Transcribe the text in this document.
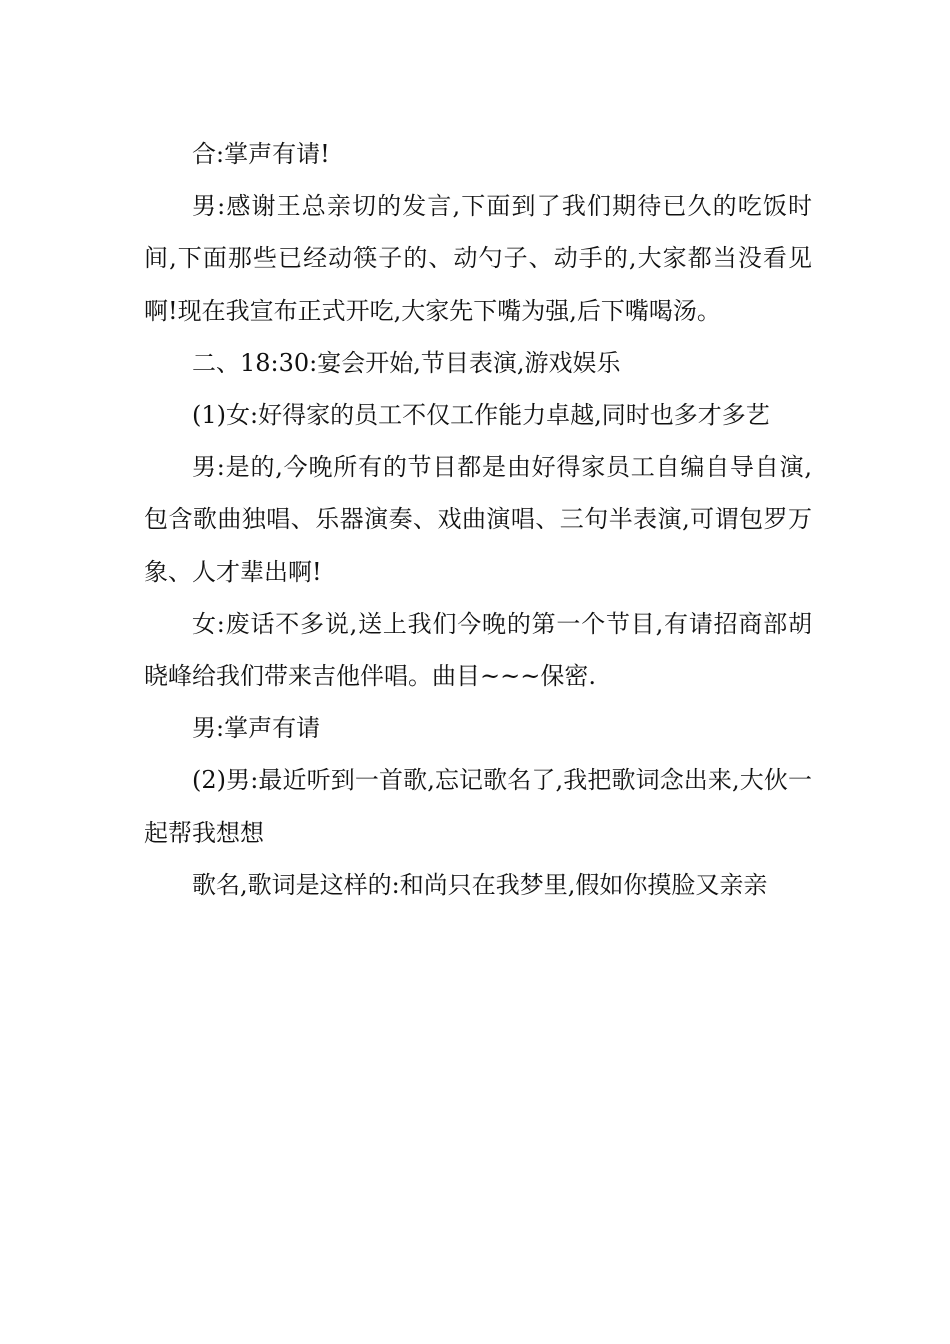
合:掌声有请!

男:感谢王总亲切的发言,下面到了我们期待已久的吃饭时间,下面那些已经动筷子的、动勺子、动手的,大家都当没看见啊!现在我宣布正式开吃,大家先下嘴为强,后下嘴喝汤。

二、18:30:宴会开始,节目表演,游戏娱乐

(1)女:好得家的员工不仅工作能力卓越,同时也多才多艺

男:是的,今晚所有的节目都是由好得家员工自编自导自演,包含歌曲独唱、乐器演奏、戏曲演唱、三句半表演,可谓包罗万象、人才辈出啊!

女:废话不多说,送上我们今晚的第一个节目,有请招商部胡晓峰给我们带来吉他伴唱。曲目~~~保密.

男:掌声有请

(2)男:最近听到一首歌,忘记歌名了,我把歌词念出来,大伙一起帮我想想

歌名,歌词是这样的:和尚只在我梦里,假如你摸脸又亲亲
